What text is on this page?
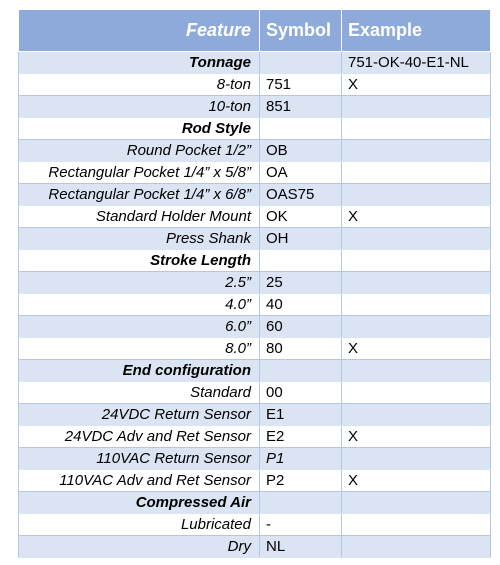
Feature	Symbol	Example
Tonnage		751-OK-40-E1-NL
8-ton	751	X
10-ton	851	
Rod Style		
Round Pocket 1/2”	OB	
Rectangular Pocket 1/4” x 5/8”	OA	
Rectangular Pocket 1/4” x 6/8”	OAS75	
Standard Holder Mount	OK	X
Press Shank	OH	
Stroke Length		
2.5”	25	
4.0”	40	
6.0”	60	
8.0”	80	X
End configuration		
Standard	00	
24VDC Return Sensor	E1	
24VDC Adv and Ret Sensor	E2	X
110VAC Return Sensor	P1	
110VAC Adv and Ret Sensor	P2	X
Compressed Air		
Lubricated	-	
Dry	NL	
